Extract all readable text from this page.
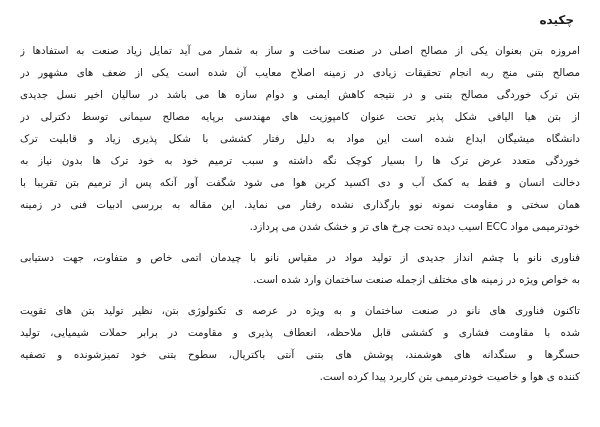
چکیده
امروزه بتن بعنوان یکی از مصالح اصلی در صنعت ساخت و ساز به شمار می آید تمایل زیاد صنعت به استفادها ز
مصالح بتنی منج ربه انجام تحقیقات زیادی در زمینه اصلاح معایب آن شده است یکی از ضعف های مشهور در
بتن ترک خوردگی مصالح بتنی و در نتیجه کاهش ایمنی و دوام سازه ها می باشد در سالیان اخیر نسل جدیدی
از بتن هیا الیافی شکل پذیر تحت عنوان کامپوزیت های مهندسی برپایه مصالح سیمانی توسط دکترلی در
دانشگاه میشیگان ابداع شده است این مواد به دلیل رفتار کششی با شکل پذیری زیاد و قابلیت ترک
خوردگی متعدد عرض ترک ها را بسیار کوچک نگه داشته و سبب ترمیم خود به خود ترک ها بدون نیاز به
دخالت انسان و فقط به کمک آب و دی اکسید کربن هوا می شود شگفت آور آنکه پس از ترمیم بتن تقریبا با
همان سختی و مقاومت نمونه نوو بارگذاری نشده رفتار می نماید. این مقاله به بررسی ادبیات فنی در زمینه
خودترمیمی مواد ECC اسیب دیده تحت چرخ های تر و خشک شدن می پردازد.
فناوری نانو با چشم انداز جدیدی از تولید مواد در مقیاس نانو با چیدمان اتمی خاص و متفاوت، جهت دستیابی
به خواص ویژه در زمینه های مختلف ازجمله صنعت ساختمان وارد شده است.
تاکنون فناوری های نانو در صنعت ساختمان و به ویژه در عرصه ی تکنولوژی بتن، نظیر تولید بتن های تقویت
شده با مقاومت فشاری و کششی قابل ملاحظه، انعطاف پذیری و مقاومت در برابر حملات شیمیایی، تولید
حسگرها و سنگدانه های هوشمند، پوشش های بتنی آنتی باکتریال، سطوح بتنی خود تمیزشونده و تصفیه
کننده ی هوا و خاصیت خودترمیمی بتن کاربرد پیدا کرده است.
